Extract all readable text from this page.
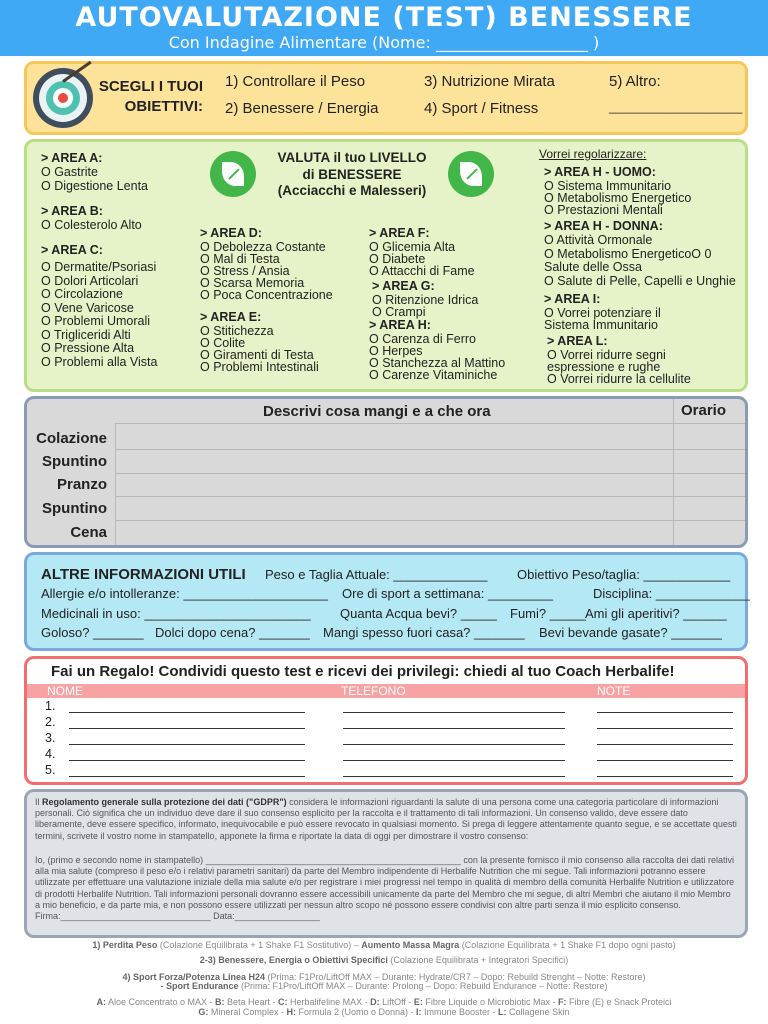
AUTOVALUTAZIONE (TEST) BENESSERE
Con Indagine Alimentare (Nome: ___________________ )
SCEGLI I TUOI
OBIETTIVI:
1) Controllare il Peso
2) Benessere / Energia
3) Nutrizione Mirata
4) Sport / Fitness
5) Altro:
____________________
> AREA A:
O Gastrite
O Digestione Lenta
> AREA B:
O Colesterolo Alto
> AREA C:
O Dermatite/Psoriasi
O Dolori Articolari
O Circolazione
O Vene Varicose
O Problemi Umorali
O Trigliceridi Alti
O Pressione Alta
O Problemi alla Vista
VALUTA il tuo LIVELLO
di BENESSERE
(Acciacchi e Malesseri)
> AREA D:
O Debolezza Costante
O Mal di Testa
O Stress / Ansia
O Scarsa Memoria
O Poca Concentrazione
> AREA E:
O Stitichezza
O Colite
O Giramenti di Testa
O Problemi Intestinali
> AREA F:
O Glicemia Alta
O Diabete
O Attacchi di Fame
> AREA G:
O Ritenzione Idrica
O Crampi
> AREA H:
O Carenza di Ferro
O Herpes
O Stanchezza al Mattino
O Carenze Vitaminiche
Vorrei regolarizzare:
> AREA H - UOMO:
O Sistema Immunitario
O Metabolismo Energetico
O Prestazioni Mentali
> AREA H - DONNA:
O Attività Ormonale
O Metabolismo EnergeticoO 0
Salute delle Ossa
O Salute di Pelle, Capelli e Unghie
> AREA I:
O Vorrei potenziare il
Sistema Immunitario
> AREA L:
O Vorrei ridurre segni
espressione e rughe
O Vorrei ridurre la cellulite
Descrivi cosa mangi e a che ora	Orario
Colazione
Spuntino
Pranzo
Spuntino
Cena
ALTRE INFORMAZIONI UTILI Peso e Taglia Attuale: _____________ Obiettivo Peso/taglia: ____________
Allergie e/o intolleranze: ____________________ Ore di sport a settimana: _________	Disciplina: _____________
Medicinali in uso: _______________________ Quanta Acqua bevi? _____ Fumi? _____ Ami gli aperitivi? ______
Goloso? _______ Dolci dopo cena? _______ Mangi spesso fuori casa? _______ Bevi bevande gasate? _______
Fai un Regalo! Condividi questo test e ricevi dei privilegi: chiedi al tuo Coach Herbalife!
NOME	TELEFONO	NOTE
1.
2.
3.
4.
5.
Il Regolamento generale sulla protezione dei dati ("GDPR") considera le informazioni riguardanti la salute di una persona come una categoria particolare di informazioni personali. Ciò significa che un individuo deve dare il suo consenso esplicito per la raccolta e il trattamento di tali informazioni. Un consenso valido, deve essere dato liberamente, deve essere specifico, informato, inequivocabile e può essere revocato in qualsiasi momento. Si prega di leggere attentamente quanto segue, e se accettate questi termini, scrivete il vostro nome in stampatello, apponete la firma e riportate la data di oggi per dimostrare il vostro consenso:
Io, (primo e secondo nome in stampatello) ___________________________________________________ con la presente fornisco il mio consenso alla raccolta dei dati relativi alla mia salute (compreso il peso e/o i relativi parametri sanitari) da parte del Membro indipendente di Herbalife Nutrition che mi segue. Tali informazioni potranno essere utilizzate per effettuare una valutazione iniziale della mia salute e/o per registrare i miei progressi nel tempo in qualità di membro della comunità Herbalife Nutrition e utilizzatore di prodotti Herbalife Nutrition. Tali informazioni personali dovranno essere accessibili unicamente da parte del Membro che mi segue, di altri Membri che aiutano il mio Membro a mio beneficio, e da parte mia, e non possono essere utilizzati per nessun altro scopo né possono essere condivisi con altre parti senza il mio esplicito consenso. Firma:______________________________ Data:_________________
1) Perdita Peso (Colazione Equilibrata + 1 Shake F1 Sostitutivo) – Aumento Massa Magra (Colazione Equilibrata + 1 Shake F1 dopo ogni pasto)
2-3) Benessere, Energia o Obiettivi Specifici (Colazione Equilibrata + Integratori Specifici)
4) Sport Forza/Potenza Linea H24 (Prima: F1Pro/LiftOff MAX – Durante: Hydrate/CR7 – Dopo: Rebuild Strenght – Notte: Restore)
- Sport Endurance (Prima: F1Pro/LiftOff MAX – Durante: Prolong – Dopo: Rebuild Endurance – Notte: Restore)
A: Aloe Concentrato o MAX - B: Beta Heart - C: Herbalifeline MAX - D: LiftOff - E: Fibre Liquide o Microbiotic Max - F: Fibre (E) e Snack Proteici
G: Mineral Complex - H: Formula 2 (Uomo o Donna) - I: Immune Booster - L: Collagene Skin
